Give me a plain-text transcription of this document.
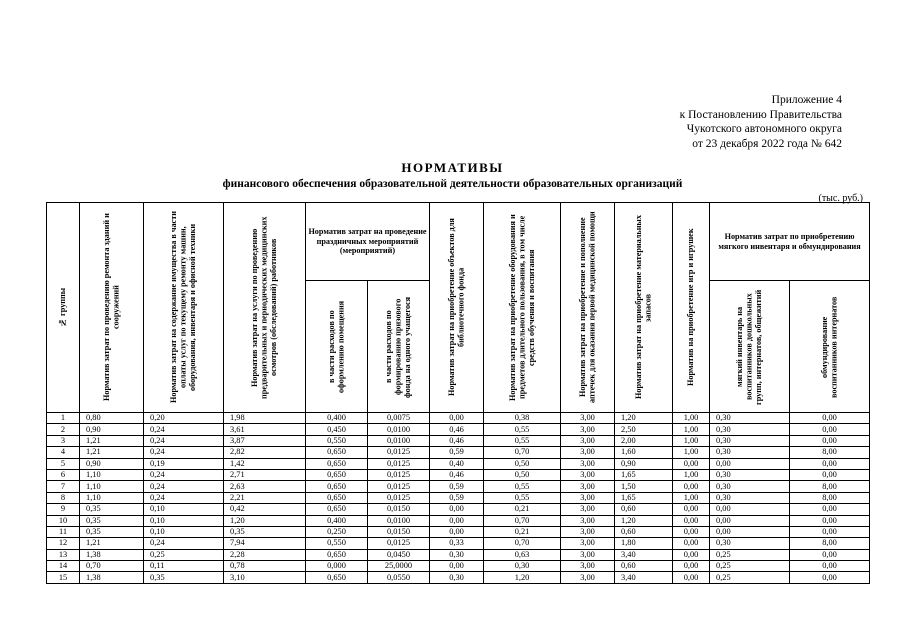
Приложение 4
к Постановлению Правительства
Чукотского автономного округа
от 23 декабря 2022 года № 642
НОРМАТИВЫ
финансового обеспечения образовательной деятельности образовательных организаций
(тыс. руб.)
№ группы	Норматив затрат по проведению ремонта зданий и сооружений	Норматив затрат на содержание имущества в части оплаты услуг по текущему ремонту машин, оборудования, инвентаря и офисной техники	Норматив затрат на услуги по проведению предварительных и периодических медицинских осмотров (обследований) работников	Норматив затрат на проведение праздничных мероприятий (мероприятий)		Норматив затрат на приобретение объектов для библиотечного фонда	Норматив затрат на приобретение оборудования и предметов длительного пользования, в том числе средств обучения и воспитания	Норматив затрат на приобретение и пополнение аптечек для оказания первой медицинской помощи	Норматив затрат на приобретение материальных запасов	Норматив на приобретение игр и игрушек	Норматив затрат по приобретению мягкого инвентаря и обмундирования	

				в части расходов по оформлению помещения	в части расходов по формированию призового фонда на одного учащегося						мягкий инвентарь на воспитанников дошкольных групп, интернатов, общежитий	обмундирование воспитанников интернатов

1	0,80	0,20	1,98	0,400	0,0075	0,00	0,38	3,00	1,20	1,00	0,30	0,00
2	0,90	0,24	3,61	0,450	0,0100	0,46	0,55	3,00	2,50	1,00	0,30	0,00
3	1,21	0,24	3,87	0,550	0,0100	0,46	0,55	3,00	2,00	1,00	0,30	0,00
4	1,21	0,24	2,82	0,650	0,0125	0,59	0,70	3,00	1,60	1,00	0,30	8,00
5	0,90	0,19	1,42	0,650	0,0125	0,40	0,50	3,00	0,90	0,00	0,00	0,00
6	1,10	0,24	2,71	0,650	0,0125	0,46	0,50	3,00	1,65	1,00	0,30	0,00
7	1,10	0,24	2,63	0,650	0,0125	0,59	0,55	3,00	1,50	0,00	0,30	8,00
8	1,10	0,24	2,21	0,650	0,0125	0,59	0,55	3,00	1,65	1,00	0,30	8,00
9	0,35	0,10	0,42	0,650	0,0150	0,00	0,21	3,00	0,60	0,00	0,00	0,00
10	0,35	0,10	1,20	0,400	0,0100	0,00	0,70	3,00	1,20	0,00	0,00	0,00
11	0,35	0,10	0,35	0,250	0,0150	0,00	0,21	3,00	0,60	0,00	0,00	0,00
12	1,21	0,24	7,94	0,550	0,0125	0,33	0,70	3,00	1,80	0,00	0,30	8,00
13	1,38	0,25	2,28	0,650	0,0450	0,30	0,63	3,00	3,40	0,00	0,25	0,00
14	0,70	0,11	0,78	0,000	25,0000	0,00	0,30	3,00	0,60	0,00	0,25	0,00
15	1,38	0,35	3,10	0,650	0,0550	0,30	1,20	3,00	3,40	0,00	0,25	0,00
